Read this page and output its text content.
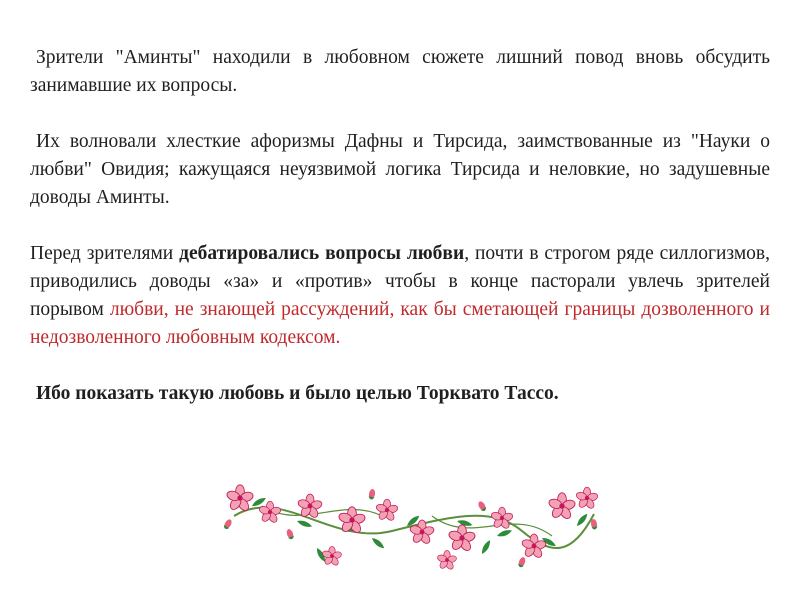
Зрители "Аминты" находили в любовном сюжете лишний повод вновь обсудить занимавшие их вопросы.

Их волновали хлесткие афоризмы Дафны и Тирсида, заимствованные из "Науки о любви" Овидия; кажущаяся неуязвимой логика Тирсида и неловкие, но задушевные доводы Аминты.

Перед зрителями дебатировались вопросы любви, почти в строгом ряде силлогизмов, приводились доводы «за» и «против» чтобы в конце пасторали увлечь зрителей порывом любви, не знающей рассуждений, как бы сметающей границы дозволенного и недозволенного любовным кодексом.

Ибо показать такую любовь и было целью Торквато Тассо.
